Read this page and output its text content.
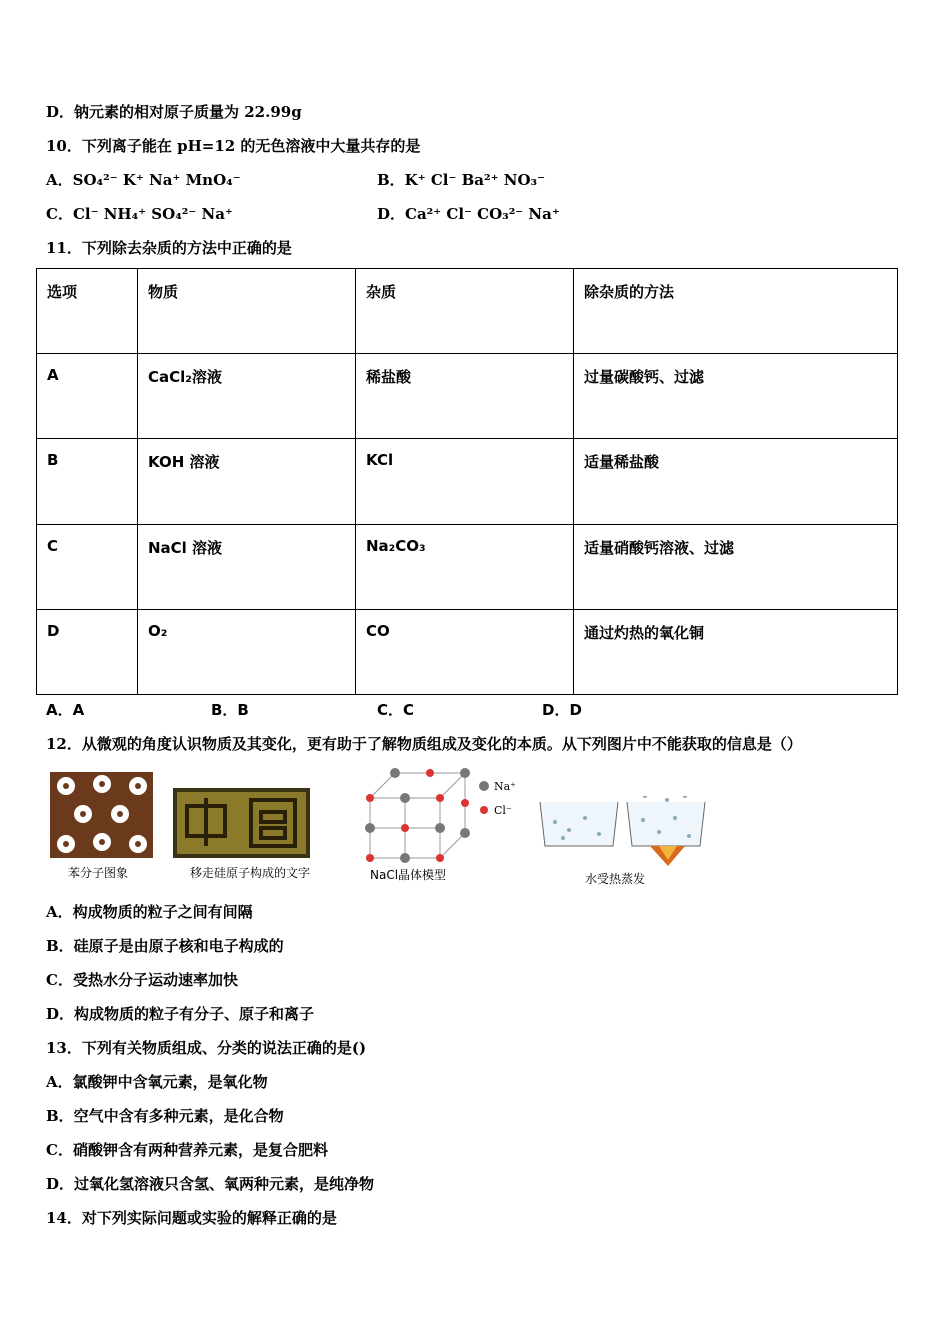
D．钠元素的相对原子质量为 22.99g
10．下列离子能在 pH=12 的无色溶液中大量共存的是
A．SO₄²⁻ K⁺ Na⁺ MnO₄⁻	B．K⁺ Cl⁻ Ba²⁺ NO₃⁻
C．Cl⁻ NH₄⁺ SO₄²⁻ Na⁺	D．Ca²⁺ Cl⁻ CO₃²⁻ Na⁺
11．下列除去杂质的方法中正确的是
选项	物质	杂质	除杂质的方法
A	CaCl₂溶液	稀盐酸	过量碳酸钙、过滤
B	KOH 溶液	KCl	适量稀盐酸
C	NaCl 溶液	Na₂CO₃	适量硝酸钙溶液、过滤
D	O₂	CO	通过灼热的氧化铜
A．A	B．B	C．C	D．D
12．从微观的角度认识物质及其变化，更有助于了解物质组成及变化的本质。从下列图片中不能获取的信息是（）
苯分子图象	移走硅原子构成的文字
Na⁺
Cl⁻
NaCl晶体模型	水受热蒸发
A．构成物质的粒子之间有间隔
B．硅原子是由原子核和电子构成的
C．受热水分子运动速率加快
D．构成物质的粒子有分子、原子和离子
13．下列有关物质组成、分类的说法正确的是()
A．氯酸钾中含氧元素，是氧化物
B．空气中含有多种元素，是化合物
C．硝酸钾含有两种营养元素，是复合肥料
D．过氧化氢溶液只含氢、氧两种元素，是纯净物
14．对下列实际问题或实验的解释正确的是
